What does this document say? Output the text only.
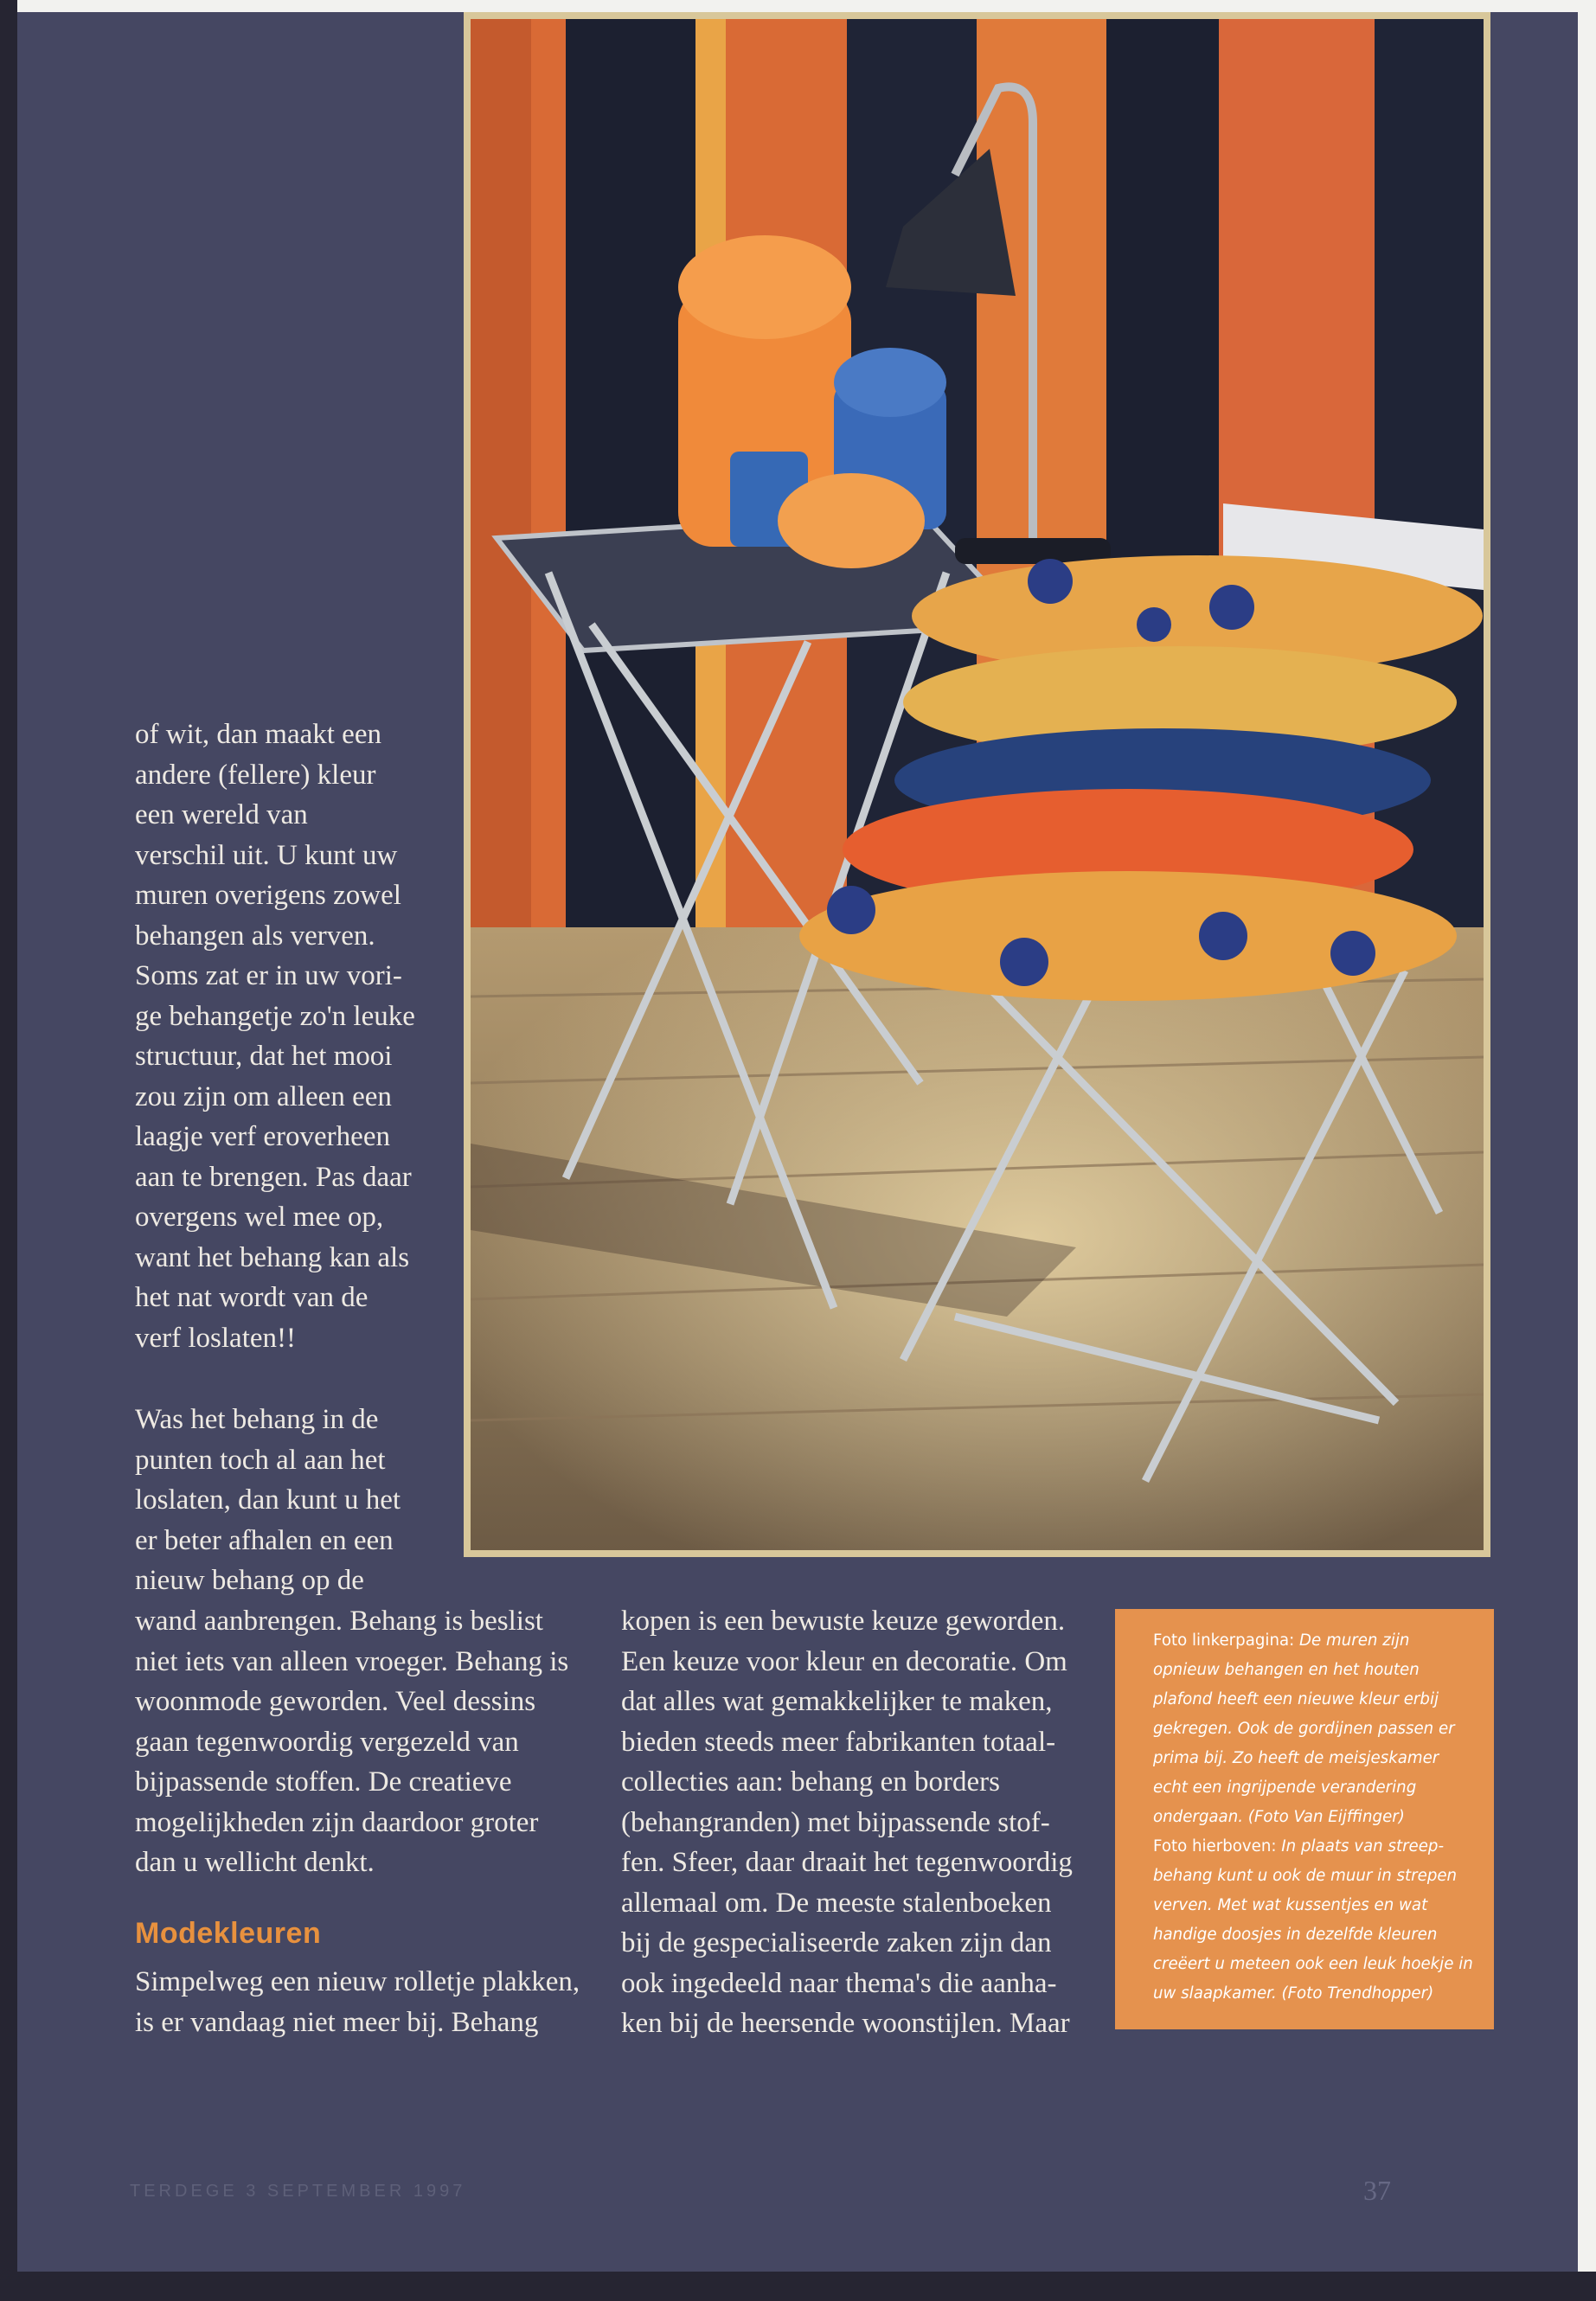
of wit, dan maakt een
andere (fellere) kleur
een wereld van
verschil uit. U kunt uw
muren overigens zowel
behangen als verven.
Soms zat er in uw vori-
ge behangetje zo'n leuke
structuur, dat het mooi
zou zijn om alleen een
laagje verf eroverheen
aan te brengen. Pas daar
overgens wel mee op,
want het behang kan als
het nat wordt van de
verf loslaten!!

Was het behang in de
punten toch al aan het
loslaten, dan kunt u het
er beter afhalen en een
nieuw behang op de

wand aanbrengen. Behang is beslist
niet iets van alleen vroeger. Behang is
woonmode geworden. Veel dessins
gaan tegenwoordig vergezeld van
bijpassende stoffen. De creatieve
mogelijkheden zijn daardoor groter
dan u wellicht denkt.

Modekleuren

Simpelweg een nieuw rolletje plakken,
is er vandaag niet meer bij. Behang

kopen is een bewuste keuze geworden.
Een keuze voor kleur en decoratie. Om
dat alles wat gemakkelijker te maken,
bieden steeds meer fabrikanten totaal-
collecties aan: behang en borders
(behangranden) met bijpassende stof-
fen. Sfeer, daar draait het tegenwoordig
allemaal om. De meeste stalenboeken
bij de gespecialiseerde zaken zijn dan
ook ingedeeld naar thema's die aanha-
ken bij de heersende woonstijlen. Maar

Foto linkerpagina: De muren zijn opnieuw behangen en het houten plafond heeft een nieuwe kleur erbij gekregen. Ook de gordijnen passen er prima bij. Zo heeft de meisjeskamer echt een ingrijpende verandering ondergaan. (Foto Van Eijffinger)

Foto hierboven: In plaats van streep-behang kunt u ook de muur in strepen verven. Met wat kussentjes en wat handige doosjes in dezelfde kleuren creëert u meteen ook een leuk hoekje in uw slaapkamer. (Foto Trendhopper)

TERDEGE 3 SEPTEMBER 1997	37
